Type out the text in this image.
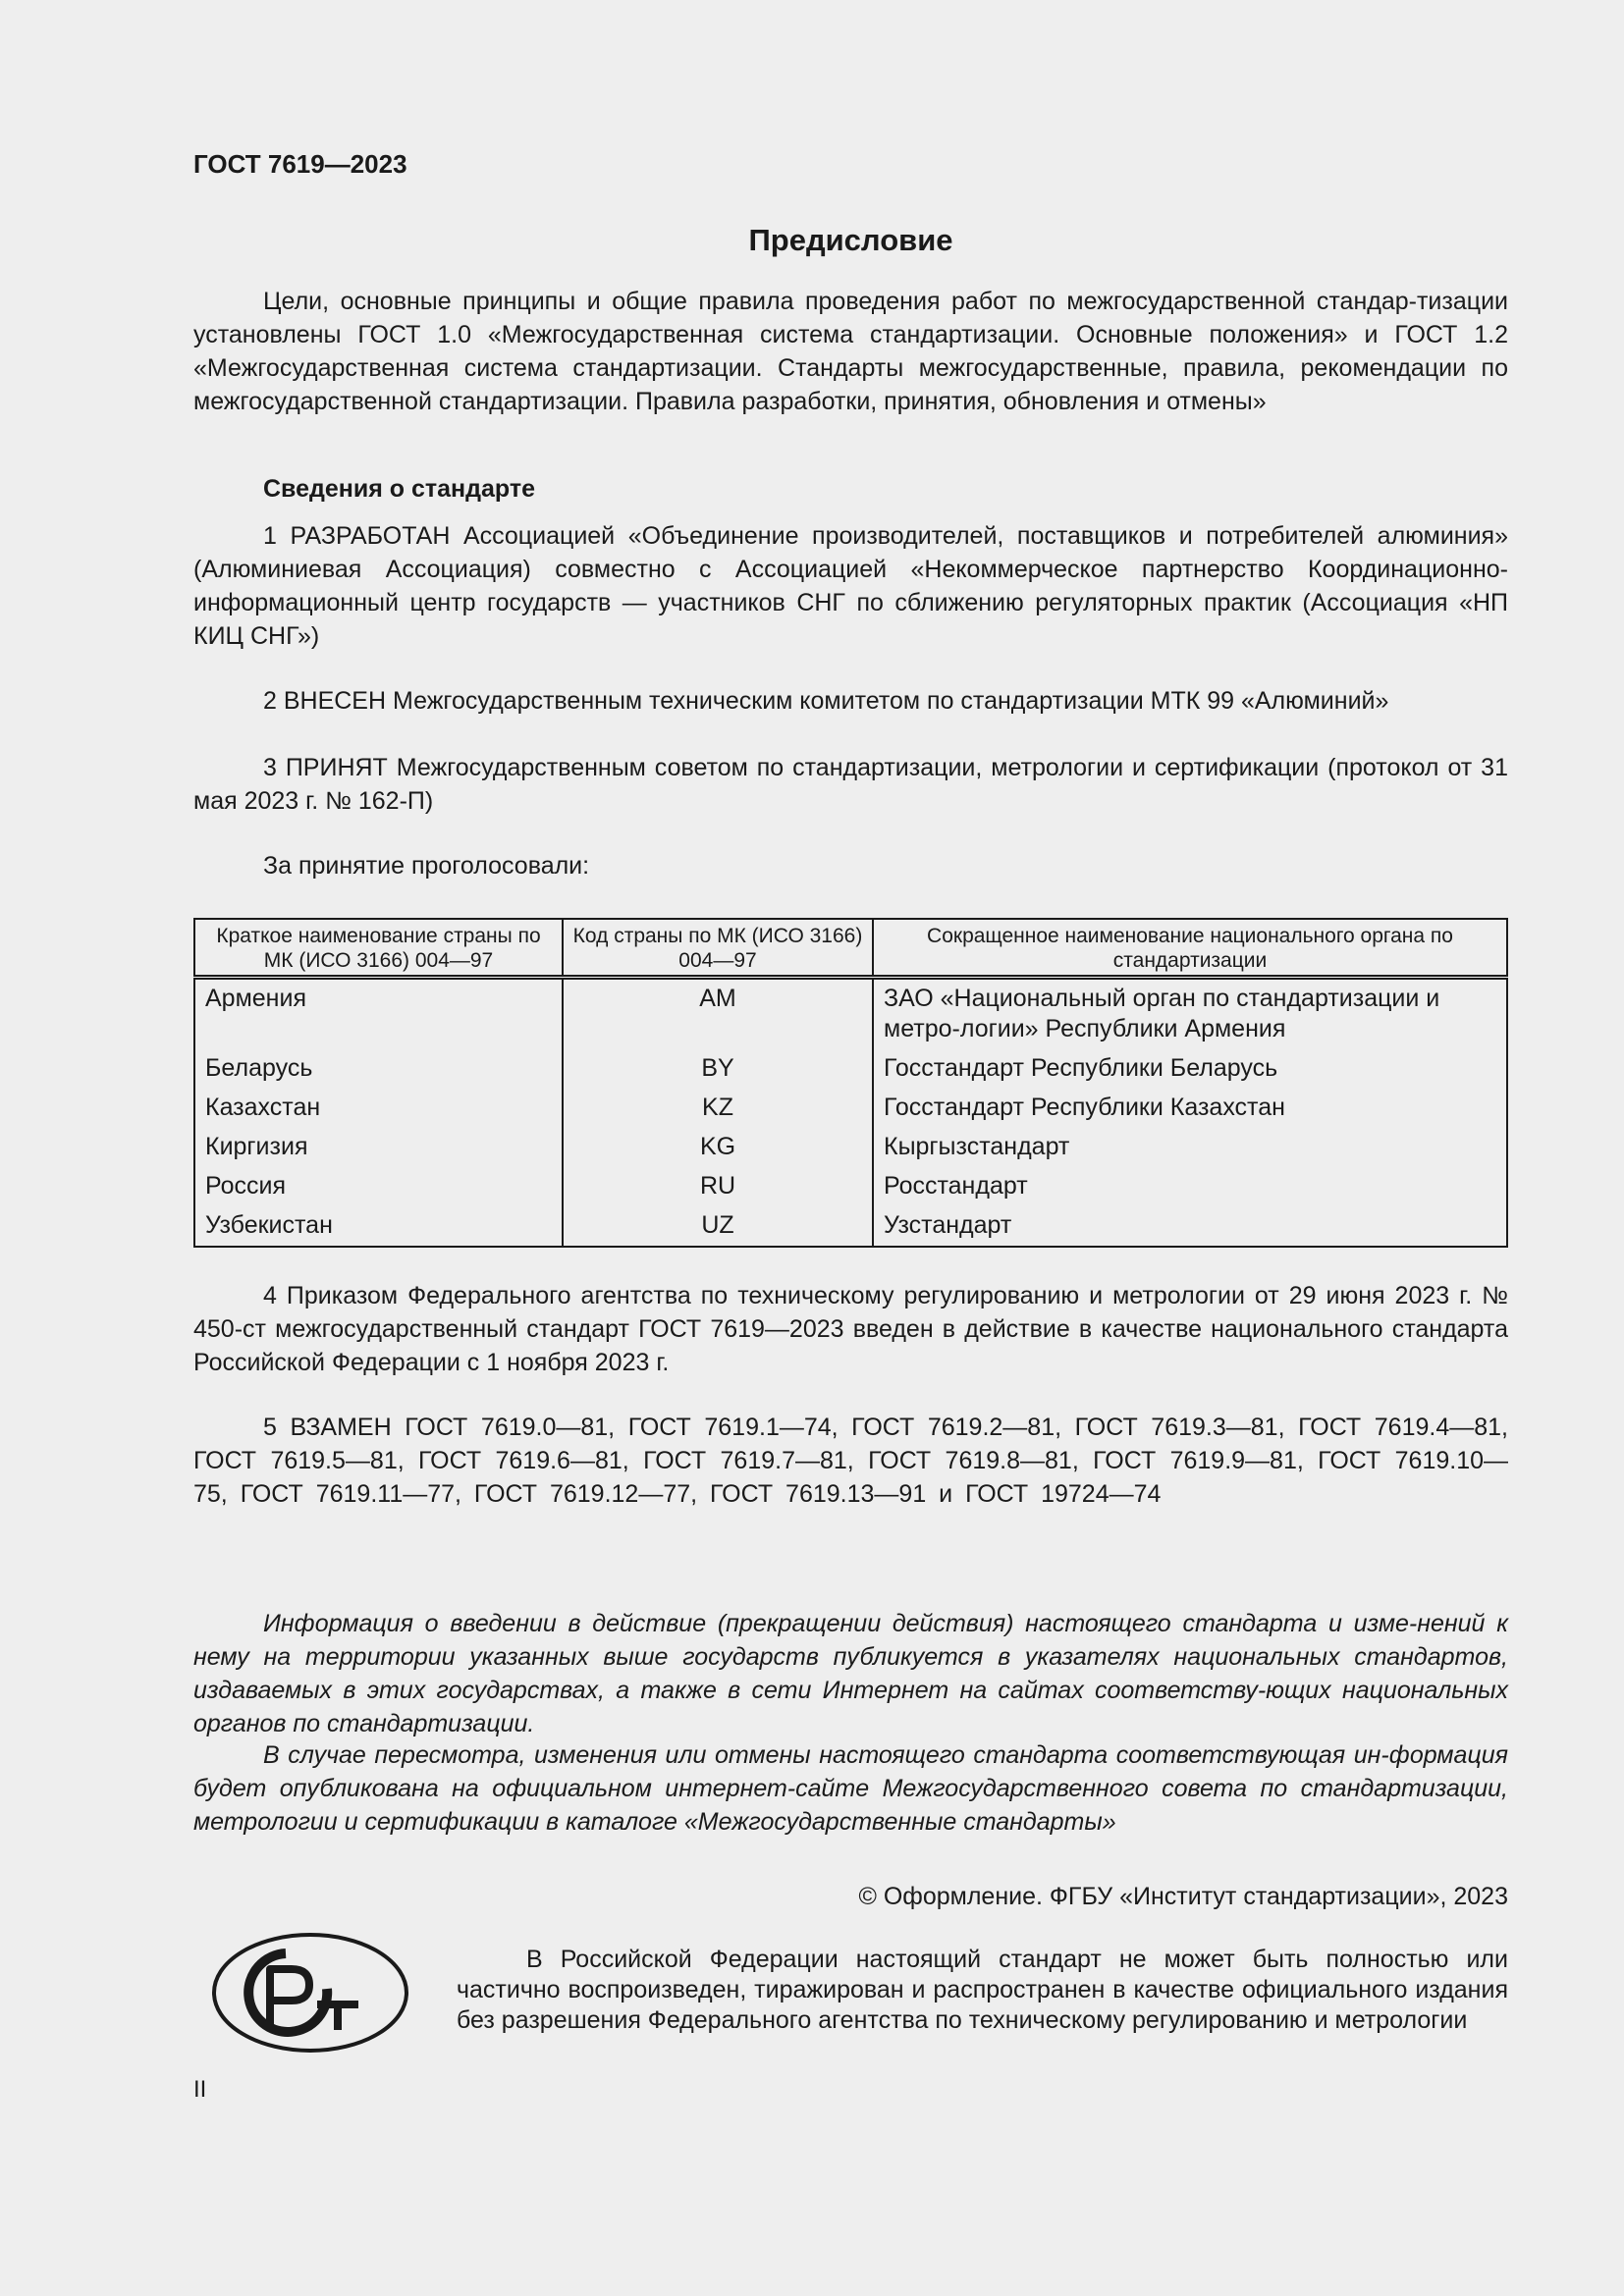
ГОСТ 7619—2023
Предисловие
Цели, основные принципы и общие правила проведения работ по межгосударственной стандар-тизации установлены ГОСТ 1.0 «Межгосударственная система стандартизации. Основные положения» и ГОСТ 1.2 «Межгосударственная система стандартизации. Стандарты межгосударственные, правила, рекомендации по межгосударственной стандартизации. Правила разработки, принятия, обновления и отмены»
Сведения о стандарте
1 РАЗРАБОТАН Ассоциацией «Объединение производителей, поставщиков и потребителей алюминия» (Алюминиевая Ассоциация) совместно с Ассоциацией «Некоммерческое партнерство Координационно-информационный центр государств — участников СНГ по сближению регуляторных практик (Ассоциация «НП КИЦ СНГ»)
2 ВНЕСЕН Межгосударственным техническим комитетом по стандартизации МТК 99 «Алюминий»
3 ПРИНЯТ Межгосударственным советом по стандартизации, метрологии и сертификации (протокол от 31 мая 2023 г. № 162-П)
За принятие проголосовали:
Краткое наименование страны по МК (ИСО 3166) 004—97	Код страны по МК (ИСО 3166) 004—97	Сокращенное наименование национального органа по стандартизации
Армения	AM	ЗАО «Национальный орган по стандартизации и метро-логии» Республики Армения
Беларусь	BY	Госстандарт Республики Беларусь
Казахстан	KZ	Госстандарт Республики Казахстан
Киргизия	KG	Кыргызстандарт
Россия	RU	Росстандарт
Узбекистан	UZ	Узстандарт
4 Приказом Федерального агентства по техническому регулированию и метрологии от 29 июня 2023 г. № 450-ст межгосударственный стандарт ГОСТ 7619—2023 введен в действие в качестве национального стандарта Российской Федерации с 1 ноября 2023 г.
5 ВЗАМЕН ГОСТ 7619.0—81, ГОСТ 7619.1—74, ГОСТ 7619.2—81, ГОСТ 7619.3—81, ГОСТ 7619.4—81, ГОСТ 7619.5—81, ГОСТ 7619.6—81, ГОСТ 7619.7—81, ГОСТ 7619.8—81, ГОСТ 7619.9—81, ГОСТ 7619.10—75, ГОСТ 7619.11—77, ГОСТ 7619.12—77, ГОСТ 7619.13—91 и ГОСТ 19724—74
Информация о введении в действие (прекращении действия) настоящего стандарта и изме-нений к нему на территории указанных выше государств публикуется в указателях национальных стандартов, издаваемых в этих государствах, а также в сети Интернет на сайтах соответству-ющих национальных органов по стандартизации.
В случае пересмотра, изменения или отмены настоящего стандарта соответствующая ин-формация будет опубликована на официальном интернет-сайте Межгосударственного совета по стандартизации, метрологии и сертификации в каталоге «Межгосударственные стандарты»
© Оформление. ФГБУ «Институт стандартизации», 2023
В Российской Федерации настоящий стандарт не может быть полностью или частично воспроизведен, тиражирован и распространен в качестве официального издания без разрешения Федерального агентства по техническому регулированию и метрологии
II
